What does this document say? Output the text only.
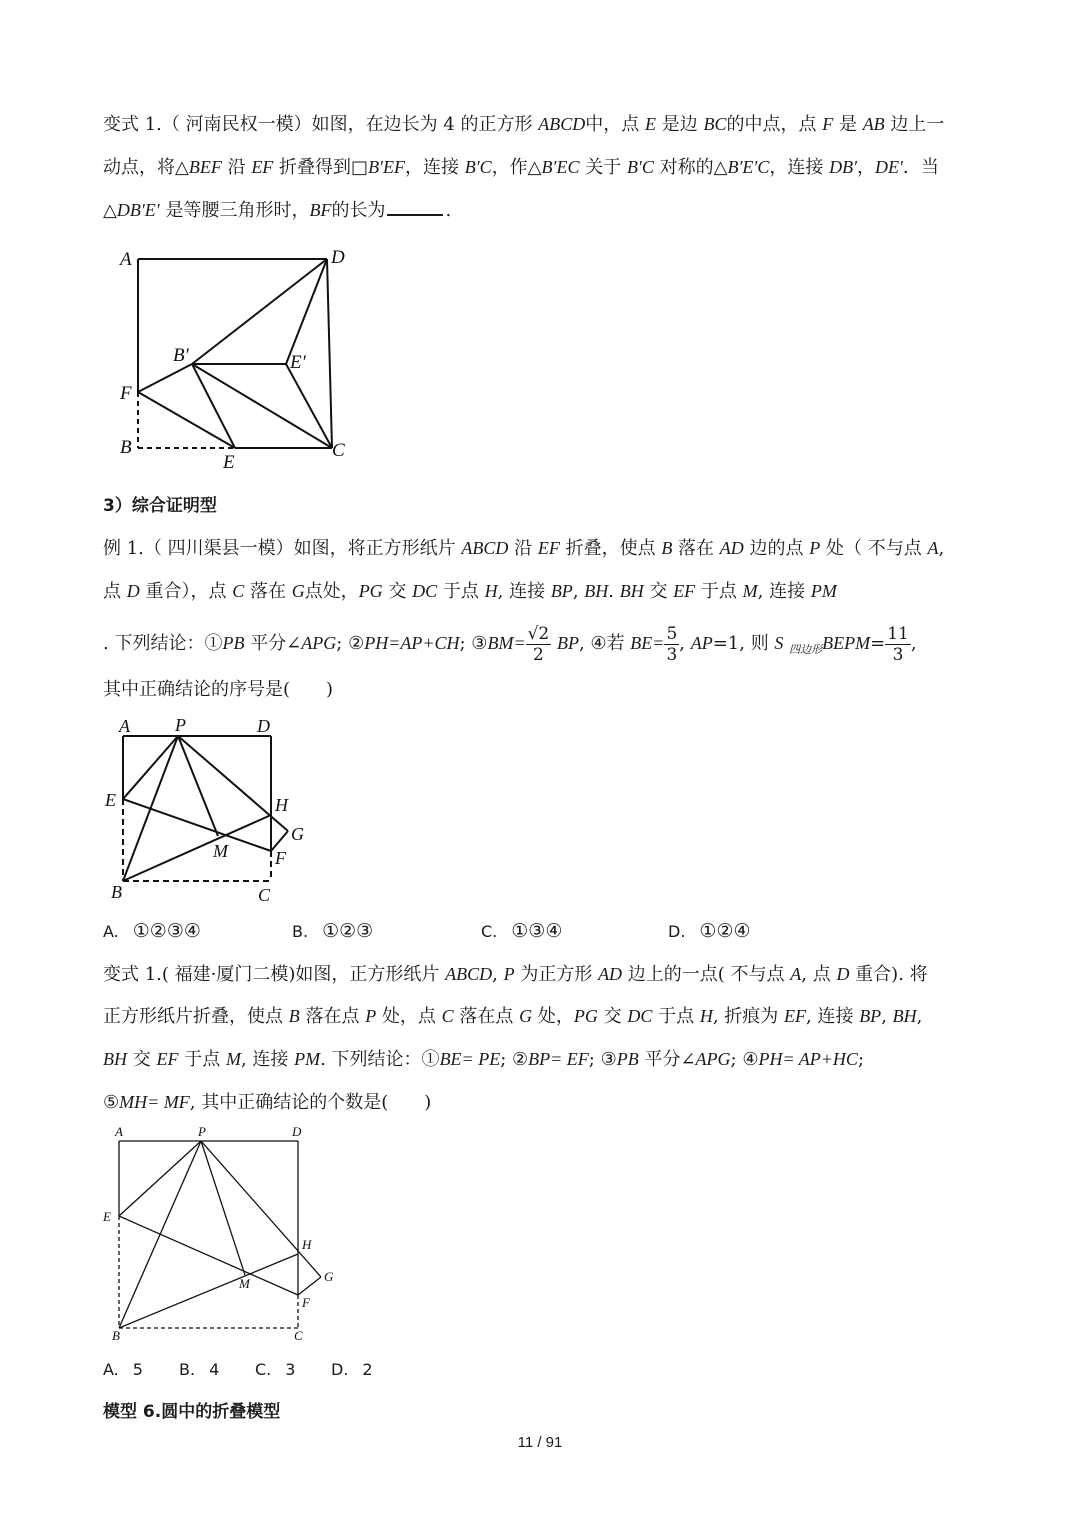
变式 1.（ 河南民权一模）如图，在边长为 4 的正方形 ABCD中，点 E 是边 BC的中点，点 F 是 AB 边上一
动点，将△BEF 沿 EF 折叠得到□B′EF，连接 B′C，作△B′EC 关于 B′C 对称的△B′E′C，连接 DB′，DE′．当
△DB′E′ 是等腰三角形时，BF的长为	.
A	D
B′	E′
F
B
E
C
3）综合证明型
例 1.（ 四川渠县一模）如图，将正方形纸片 ABCD 沿 EF 折叠，使点 B 落在 AD 边的点 P 处（ 不与点 A,
点 D 重合），点 C 落在 G点处，PG 交 DC 于点 H, 连接 BP, BH. BH 交 EF 于点 M, 连接 PM
. 下列结论：①PB 平分∠APG; ②PH=AP+CH; ③BM= $\frac{√2}{2}$ BP, ④若 $BE= \frac{5}{3}$ , AP=1, 则 S $_{四边形}$BEPM= $\frac{11}{3}$ ,
其中正确结论的序号是(　　)
A	P	D
E	H
G
M	F
B	C
A. ①②③④	B. ①②③	C. ①③④	D. ①②④
变式 1.( 福建·厦门二模)如图，正方形纸片 ABCD, P 为正方形 AD 边上的一点( 不与点 A, 点 D 重合). 将
正方形纸片折叠，使点 B 落在点 P 处，点 C 落在点 G 处，PG 交 DC 于点 H, 折痕为 EF, 连接 BP, BH,
BH 交 EF 于点 M, 连接 PM. 下列结论：①BE= PE; ②BP= EF; ③PB 平分∠APG; ④PH= AP+HC;
⑤MH= MF, 其中正确结论的个数是(　　)
A	P	D
E
H
G
M
F
B	C
A. 5 B. 4 C. 3 D. 2
模型 6.圆中的折叠模型
11 / 91
